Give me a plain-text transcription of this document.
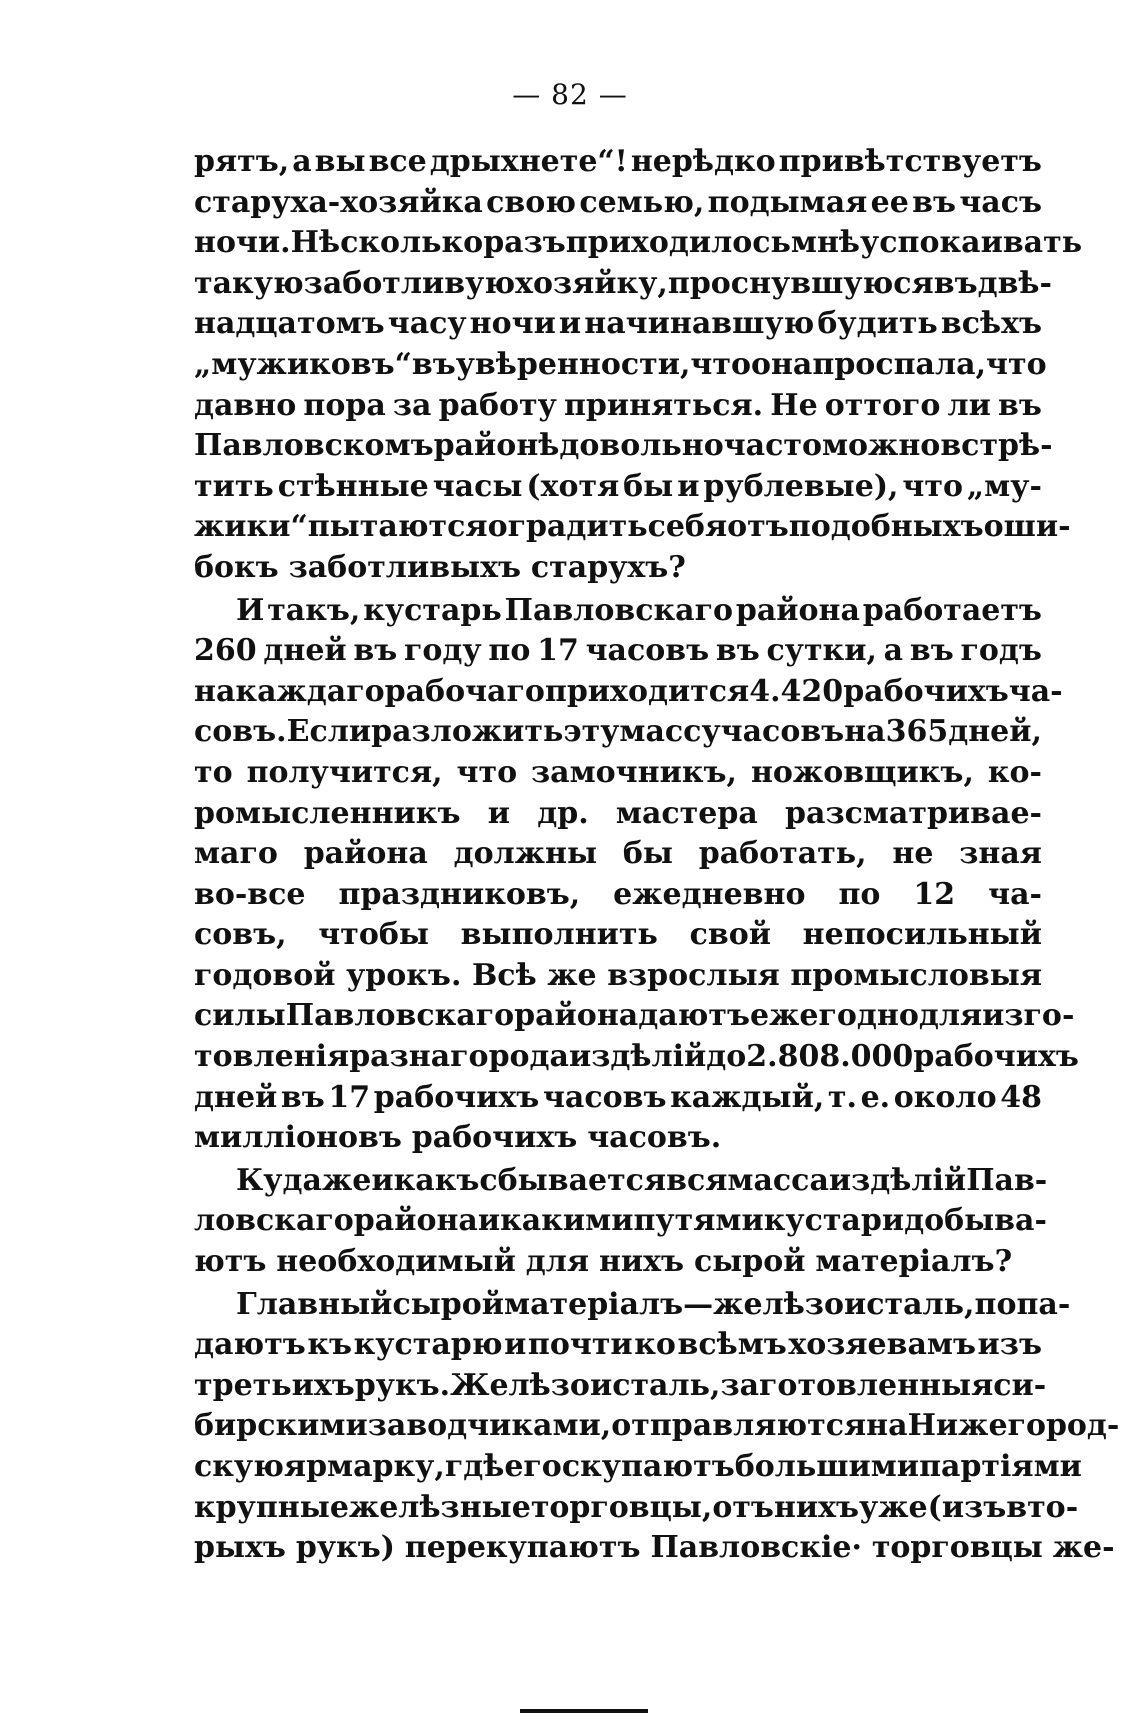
— 82 —
рятъ, а вы все дрыхнете“! нерѣдко привѣтствуетъ
старуха-хозяйка свою семью, подымая ее въ часъ
ночи. Нѣсколько разъ приходилось мнѣ успокаивать
такую заботливую хозяйку, проснувшуюся въ двѣ-
надцатомъ часу ночи и начинавшую будить всѣхъ
„мужиковъ“ въ увѣренности, что она проспала, что
давно пора за работу приняться. Не оттого ли въ
Павловскомъ районѣ довольно часто можно встрѣ-
тить стѣнные часы (хотя бы и рублевые), что „му-
жики“ пытаются оградить себя отъ подобныхъ оши-
бокъ заботливыхъ старухъ?
И такъ, кустарь Павловскаго района работаетъ
260 дней въ году по 17 часовъ въ сутки, а въ годъ
на каждаго рабочаго приходится 4.420 рабочихъ ча-
совъ. Если разложить эту массу часовъ на 365 дней,
то получится, что замочникъ, ножовщикъ, ко-
ромысленникъ и др. мастера разсматривае-
маго района должны бы работать, не зная
во-все праздниковъ, ежедневно по 12 ча-
совъ, чтобы выполнить свой непосильный
годовой урокъ. Всѣ же взрослыя промысловыя
силы Павловскаго района даютъ ежегодно для изго-
товленія разнаго рода издѣлій до 2.808.000 рабочихъ
дней въ 17 рабочихъ часовъ каждый, т. е. около 48
милліоновъ рабочихъ часовъ.
Куда же и какъ сбывается вся масса издѣлій Пав-
ловскаго района и какими путями кустари добыва-
ютъ необходимый для нихъ сырой матеріалъ?
Главный сырой матеріалъ—желѣзо и сталь, попа-
даютъ къ кустарю и почти ко всѣмъ хозяевамъ изъ
третьихъ рукъ. Желѣзо и сталь, заготовленныя си-
бирскими заводчиками, отправляются на Нижегород-
скую ярмарку, гдѣ его скупаютъ большими партіями
крупные желѣзные торговцы, отъ нихъ уже (изъ вто-
рыхъ рукъ) перекупаютъ Павловскіе· торговцы же-
